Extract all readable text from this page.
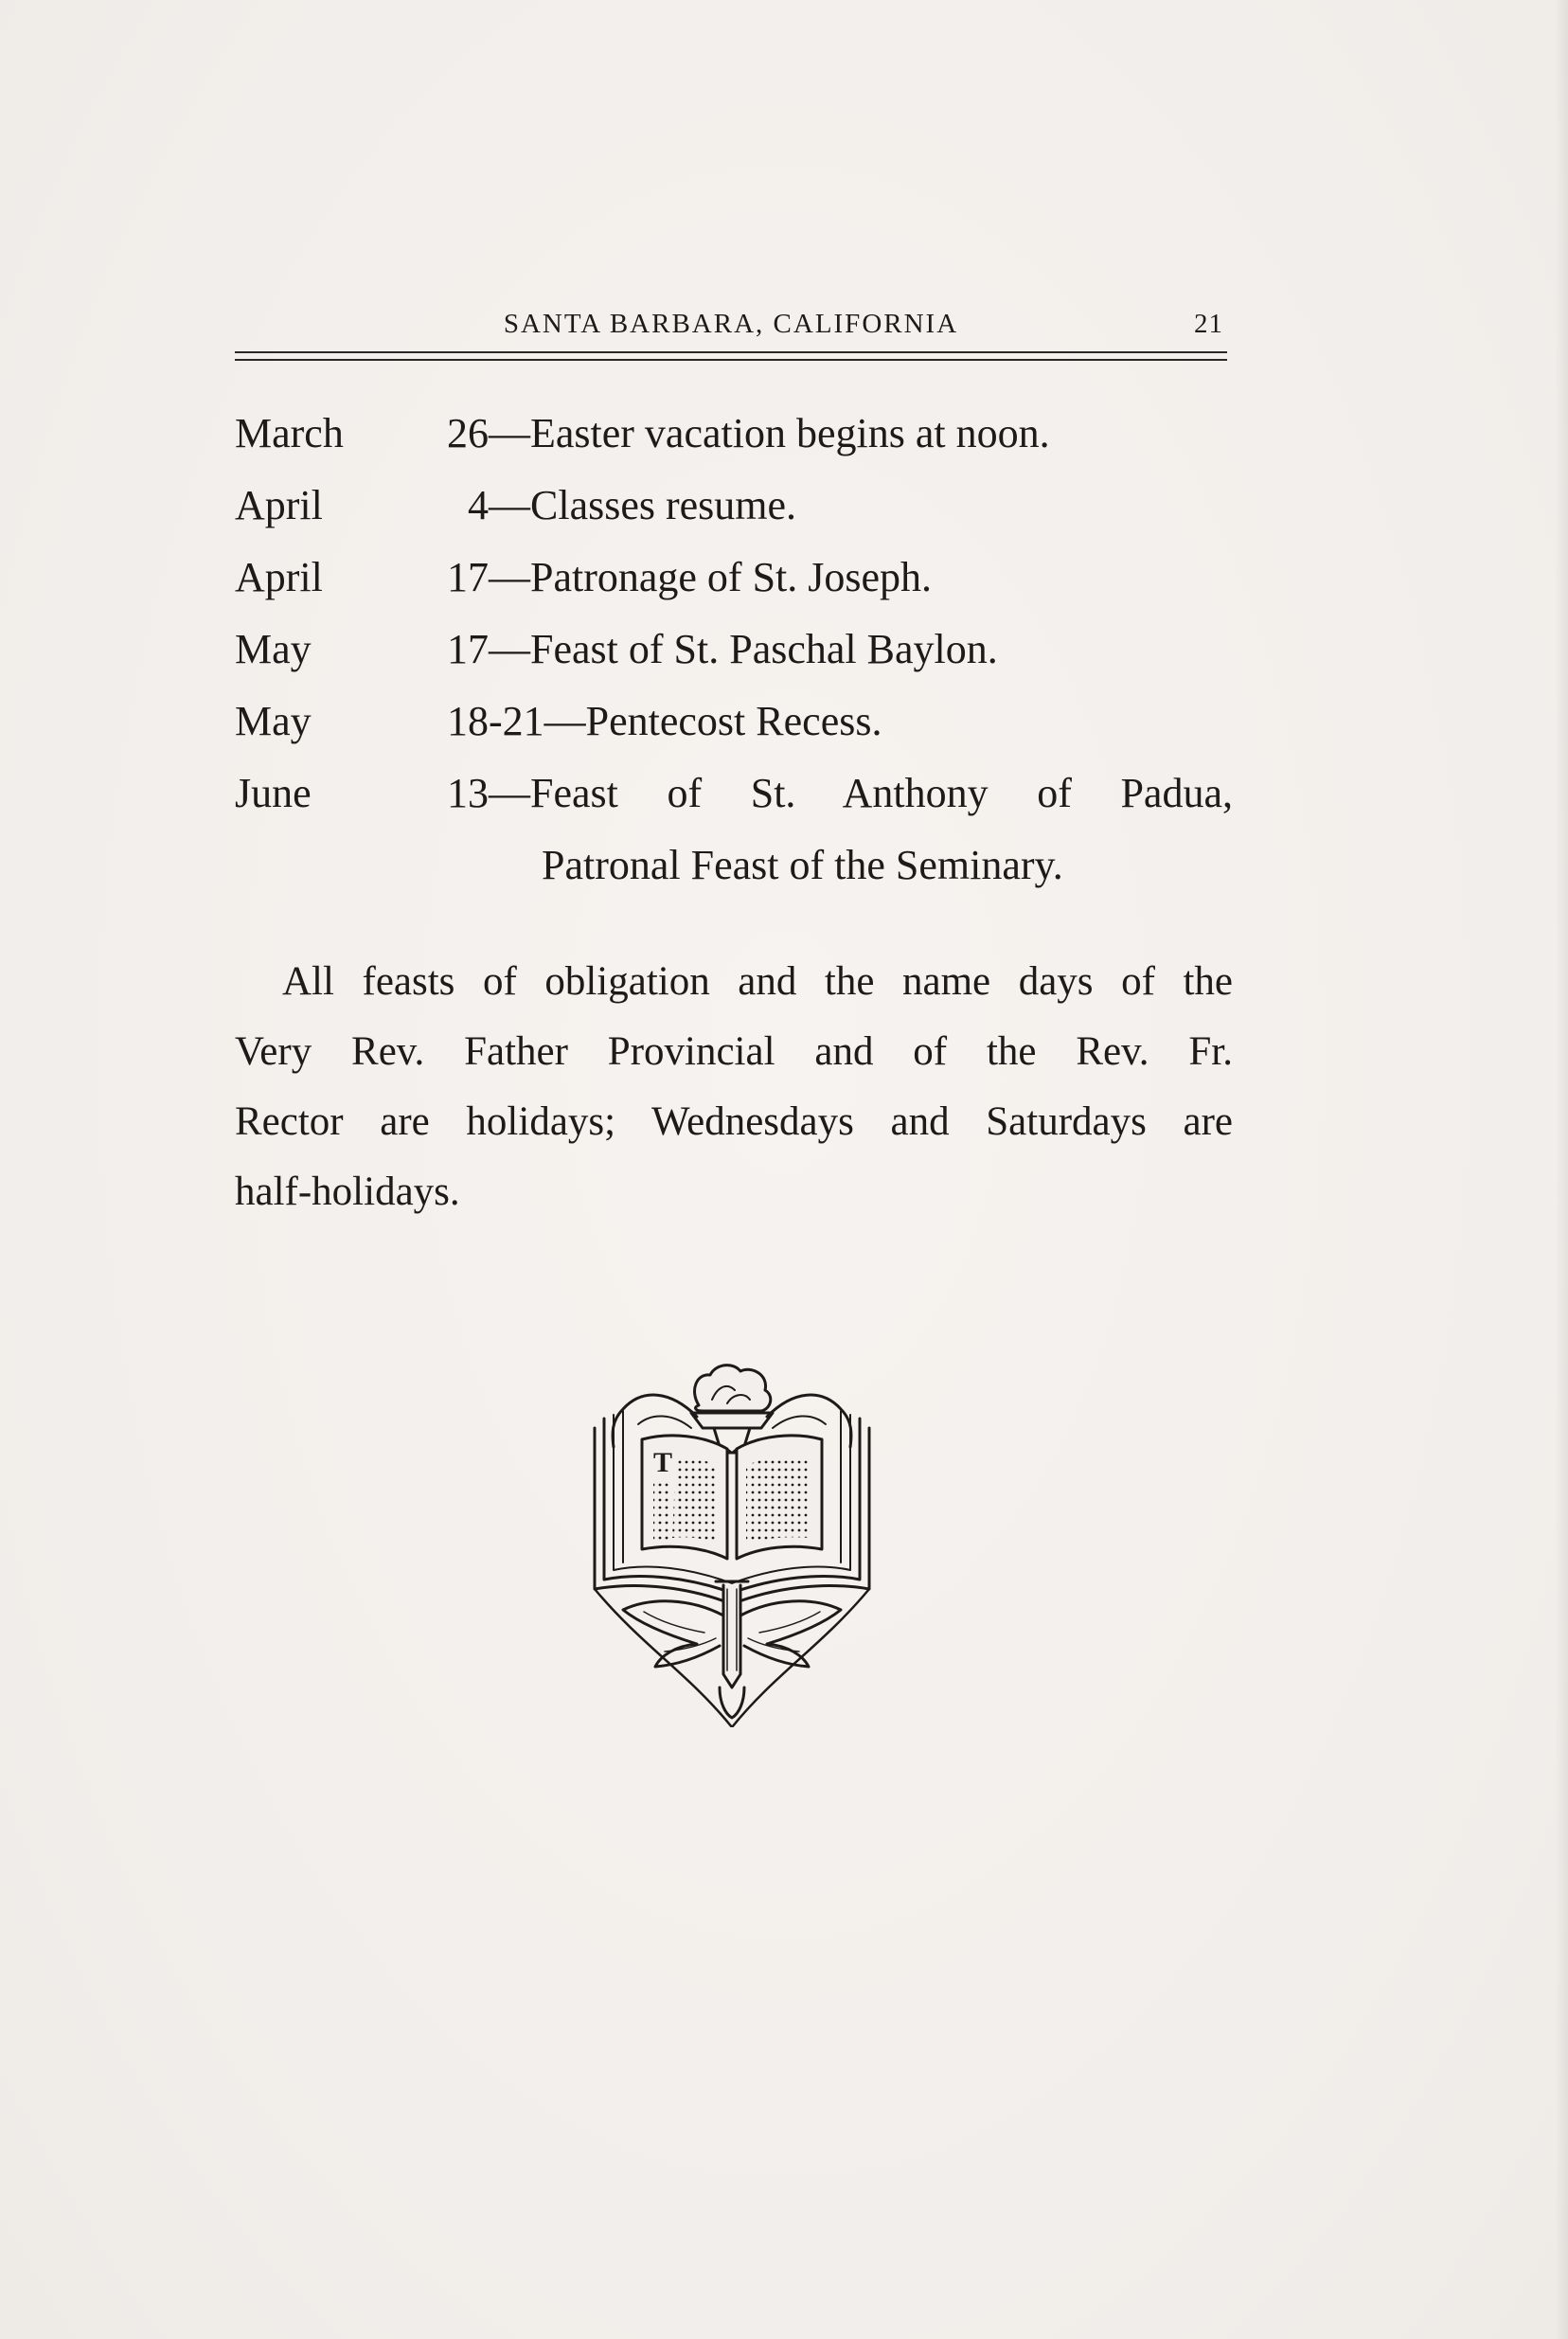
SANTA BARBARA, CALIFORNIA	21
March 26—Easter vacation begins at noon.
April	4—Classes resume.
April	17—Patronage of St. Joseph.
May	17—Feast of St. Paschal Baylon.
May	18-21—Pentecost Recess.
June	13—Feast of St. Anthony of Padua,
Patronal Feast of the Seminary.
All feasts of obligation and the name days of the
Very Rev. Father Provincial and of the Rev. Fr.
Rector are holidays; Wednesdays and Saturdays are
half-holidays.
T
